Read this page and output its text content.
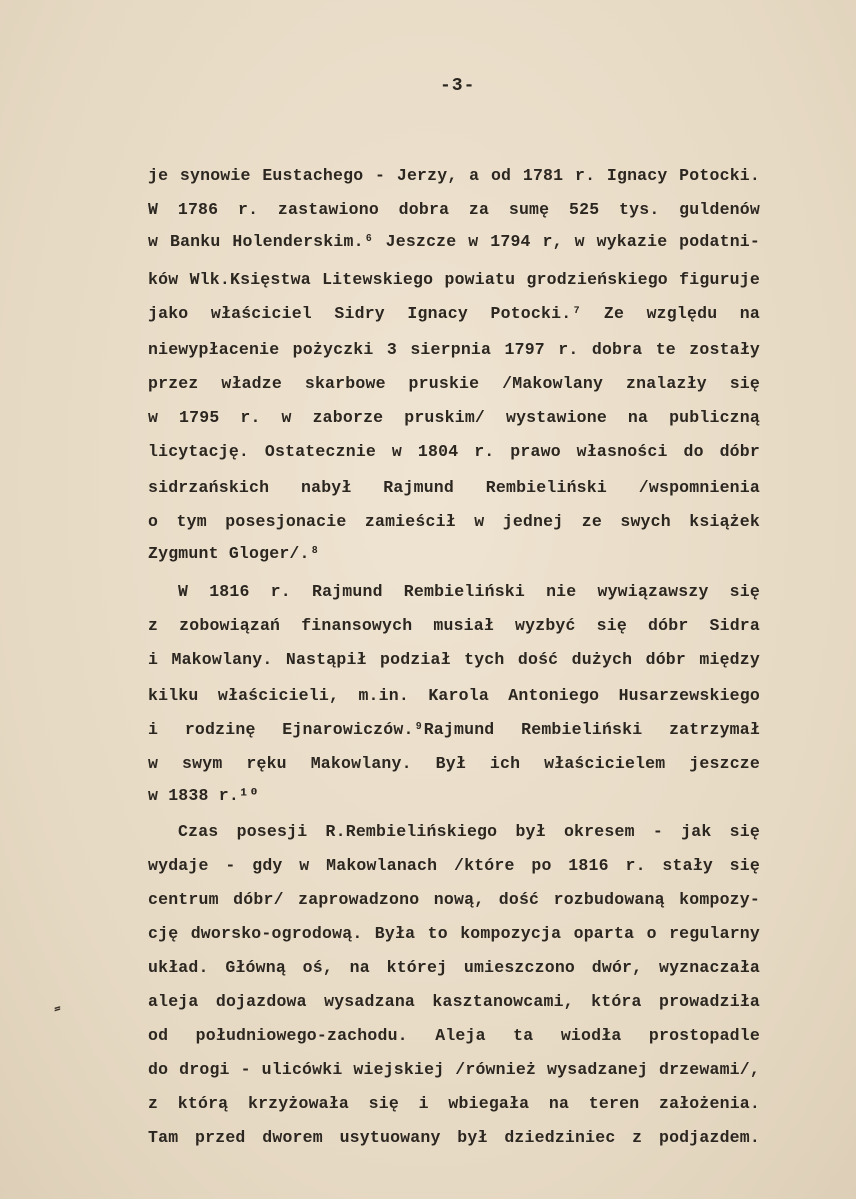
-3-
je synowie Eustachego - Jerzy, a od 1781 r. Ignacy Potocki.
W 1786 r. zastawiono dobra za sumę 525 tys. guldenów
w Banku Holenderskim.⁶ Jeszcze w 1794 r, w wykazie podatni-
ków Wlk.Księstwa Litewskiego powiatu grodzieńskiego figuruje
jako właściciel Sidry Ignacy Potocki.⁷ Ze względu na
niewypłacenie pożyczki 3 sierpnia 1797 r. dobra te zostały
przez władze skarbowe pruskie /Makowlany znalazły się
w 1795 r. w zaborze pruskim/ wystawione na publiczną
licytację. Ostatecznie w 1804 r. prawo własności do dóbr
sidrzańskich nabył Rajmund Rembieliński /wspomnienia
o tym posesjonacie zamieścił w jednej ze swych książek
Zygmunt Gloger/.⁸
W 1816 r. Rajmund Rembieliński nie wywiązawszy się
z zobowiązań finansowych musiał wyzbyć się dóbr Sidra
i Makowlany. Nastąpił podział tych dość dużych dóbr między
kilku właścicieli, m.in. Karola Antoniego Husarzewskiego
i rodzinę Ejnarowiczów.⁹Rajmund Rembieliński zatrzymał
w swym ręku Makowlany. Był ich właścicielem jeszcze
w 1838 r.¹⁰
Czas posesji R.Rembielińskiego był okresem - jak się
wydaje - gdy w Makowlanach /które po 1816 r. stały się
centrum dóbr/ zaprowadzono nową, dość rozbudowaną kompozy-
cję dworsko-ogrodową. Była to kompozycja oparta o regularny
układ. Główną oś, na której umieszczono dwór, wyznaczała
aleja dojazdowa wysadzana kasztanowcami, która prowadziła
od południowego-zachodu. Aleja ta wiodła prostopadle
do drogi - ulicówki wiejskiej /również wysadzanej drzewami/,
z którą krzyżowała się i wbiegała na teren założenia.
Tam przed dworem usytuowany był dziedziniec z podjazdem.
